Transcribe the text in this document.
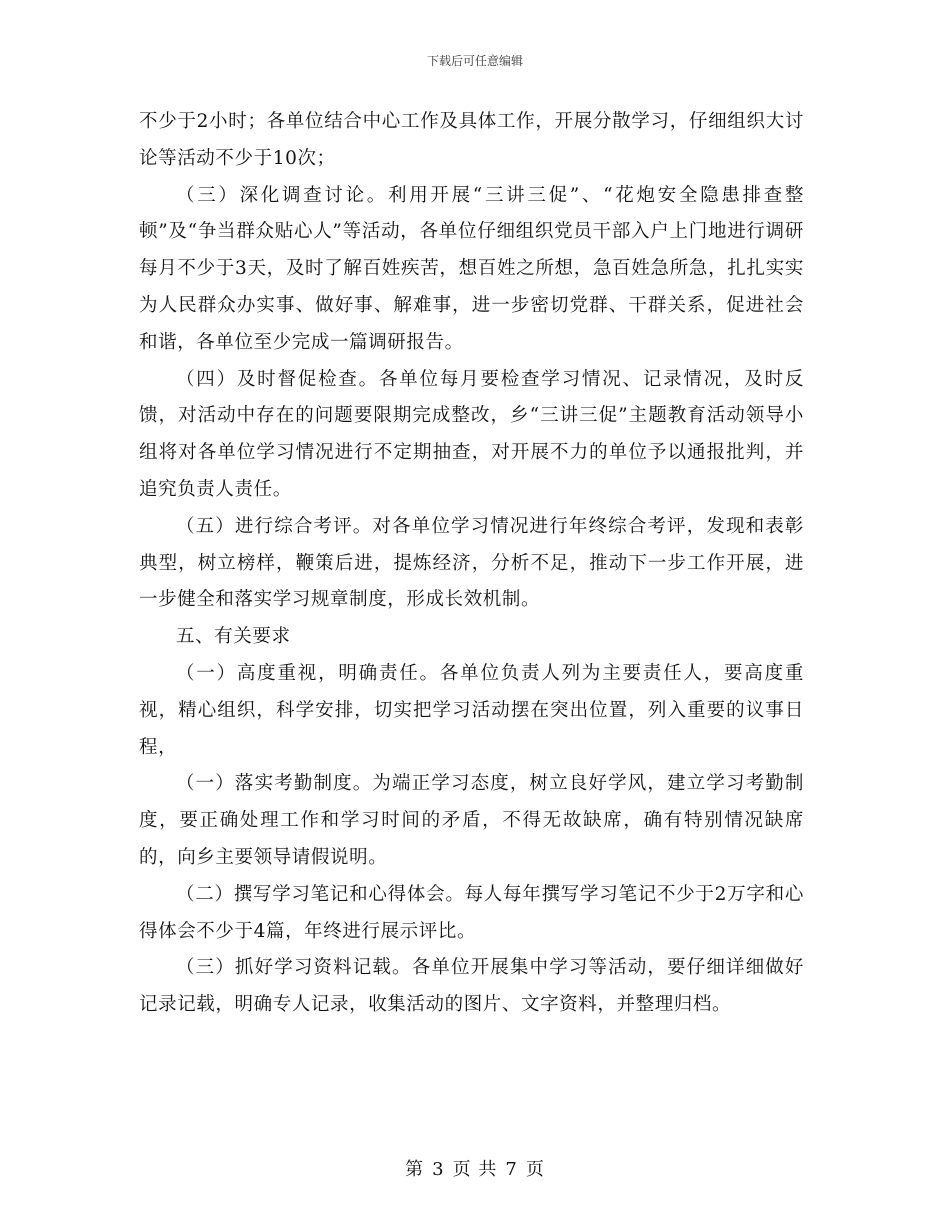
下载后可任意编辑

不少于2小时；各单位结合中心工作及具体工作，开展分散学习，仔细组织大讨论等活动不少于10次；

（三）深化调查讨论。利用开展“三讲三促”、“花炮安全隐患排查整顿”及“争当群众贴心人”等活动，各单位仔细组织党员干部入户上门地进行调研每月不少于3天，及时了解百姓疾苦，想百姓之所想，急百姓急所急，扎扎实实为人民群众办实事、做好事、解难事，进一步密切党群、干群关系，促进社会和谐，各单位至少完成一篇调研报告。

（四）及时督促检查。各单位每月要检查学习情况、记录情况，及时反馈，对活动中存在的问题要限期完成整改，乡“三讲三促”主题教育活动领导小组将对各单位学习情况进行不定期抽查，对开展不力的单位予以通报批判，并追究负责人责任。

（五）进行综合考评。对各单位学习情况进行年终综合考评，发现和表彰典型，树立榜样，鞭策后进，提炼经济，分析不足，推动下一步工作开展，进一步健全和落实学习规章制度，形成长效机制。

五、有关要求

（一）高度重视，明确责任。各单位负责人列为主要责任人，要高度重视，精心组织，科学安排，切实把学习活动摆在突出位置，列入重要的议事日程，

（一）落实考勤制度。为端正学习态度，树立良好学风，建立学习考勤制度，要正确处理工作和学习时间的矛盾，不得无故缺席，确有特别情况缺席的，向乡主要领导请假说明。

（二）撰写学习笔记和心得体会。每人每年撰写学习笔记不少于2万字和心得体会不少于4篇，年终进行展示评比。

（三）抓好学习资料记载。各单位开展集中学习等活动，要仔细详细做好记录记载，明确专人记录，收集活动的图片、文字资料，并整理归档。

第 3 页 共 7 页
